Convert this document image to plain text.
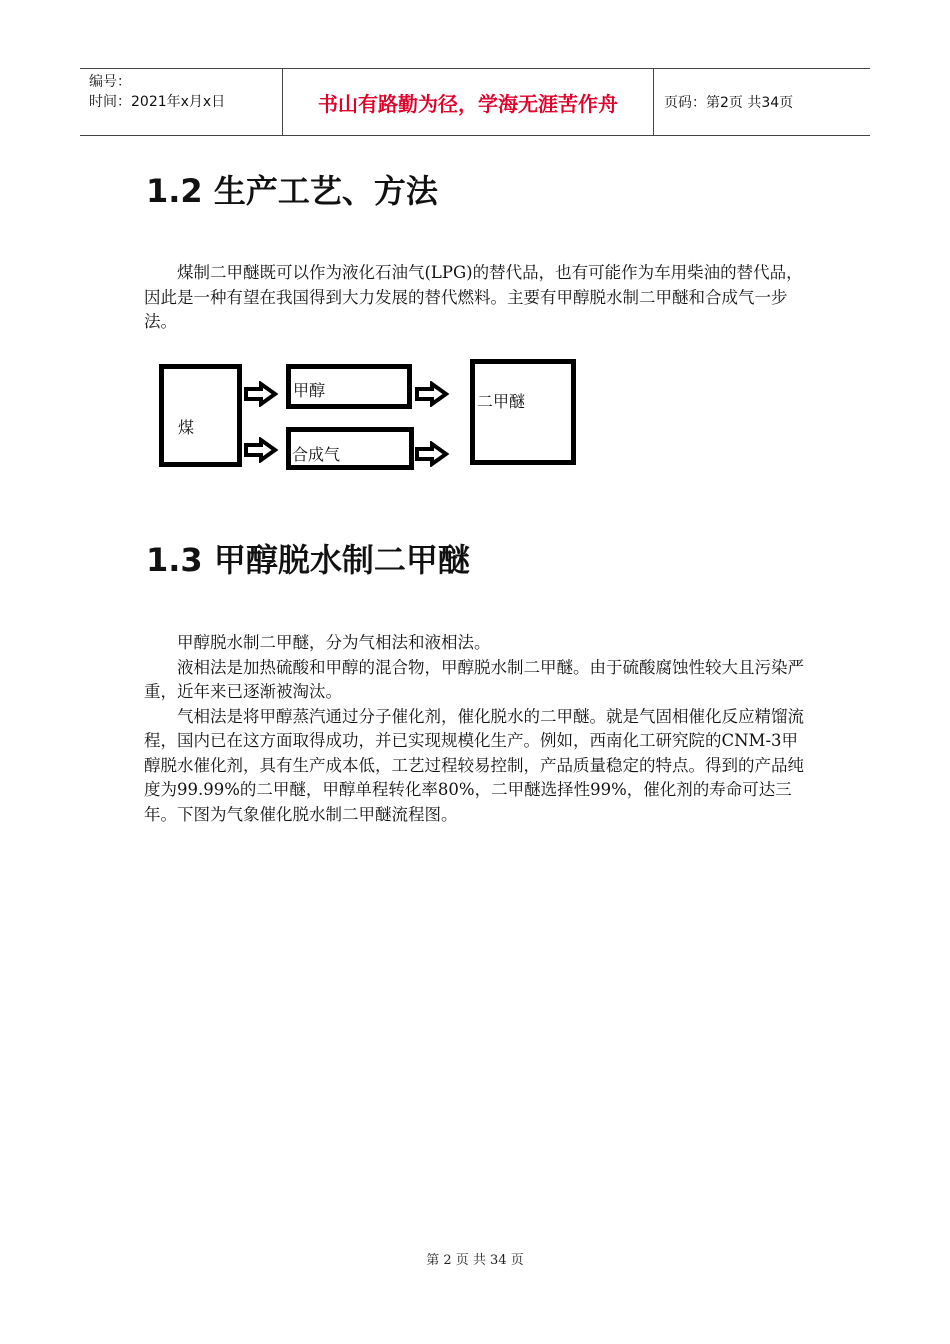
编号：
时间：2021年x月x日	书山有路勤为径，学海无涯苦作舟	页码：第2页 共34页
1.2 生产工艺、方法

煤制二甲醚既可以作为液化石油气(LPG)的替代品，也有可能作为车用柴油的替代品，因此是一种有望在我国得到大力发展的替代燃料。主要有甲醇脱水制二甲醚和合成气一步法。

煤
甲醇
合成气
二甲醚
1.3 甲醇脱水制二甲醚

甲醇脱水制二甲醚，分为气相法和液相法。

液相法是加热硫酸和甲醇的混合物，甲醇脱水制二甲醚。由于硫酸腐蚀性较大且污染严重，近年来已逐渐被淘汰。

气相法是将甲醇蒸汽通过分子催化剂，催化脱水的二甲醚。就是气固相催化反应精馏流程，国内已在这方面取得成功，并已实现规模化生产。例如，西南化工研究院的CNM-3甲醇脱水催化剂，具有生产成本低，工艺过程较易控制，产品质量稳定的特点。得到的产品纯度为99.99%的二甲醚，甲醇单程转化率80%，二甲醚选择性99%，催化剂的寿命可达三年。下图为气象催化脱水制二甲醚流程图。

第 2 页 共 34 页
